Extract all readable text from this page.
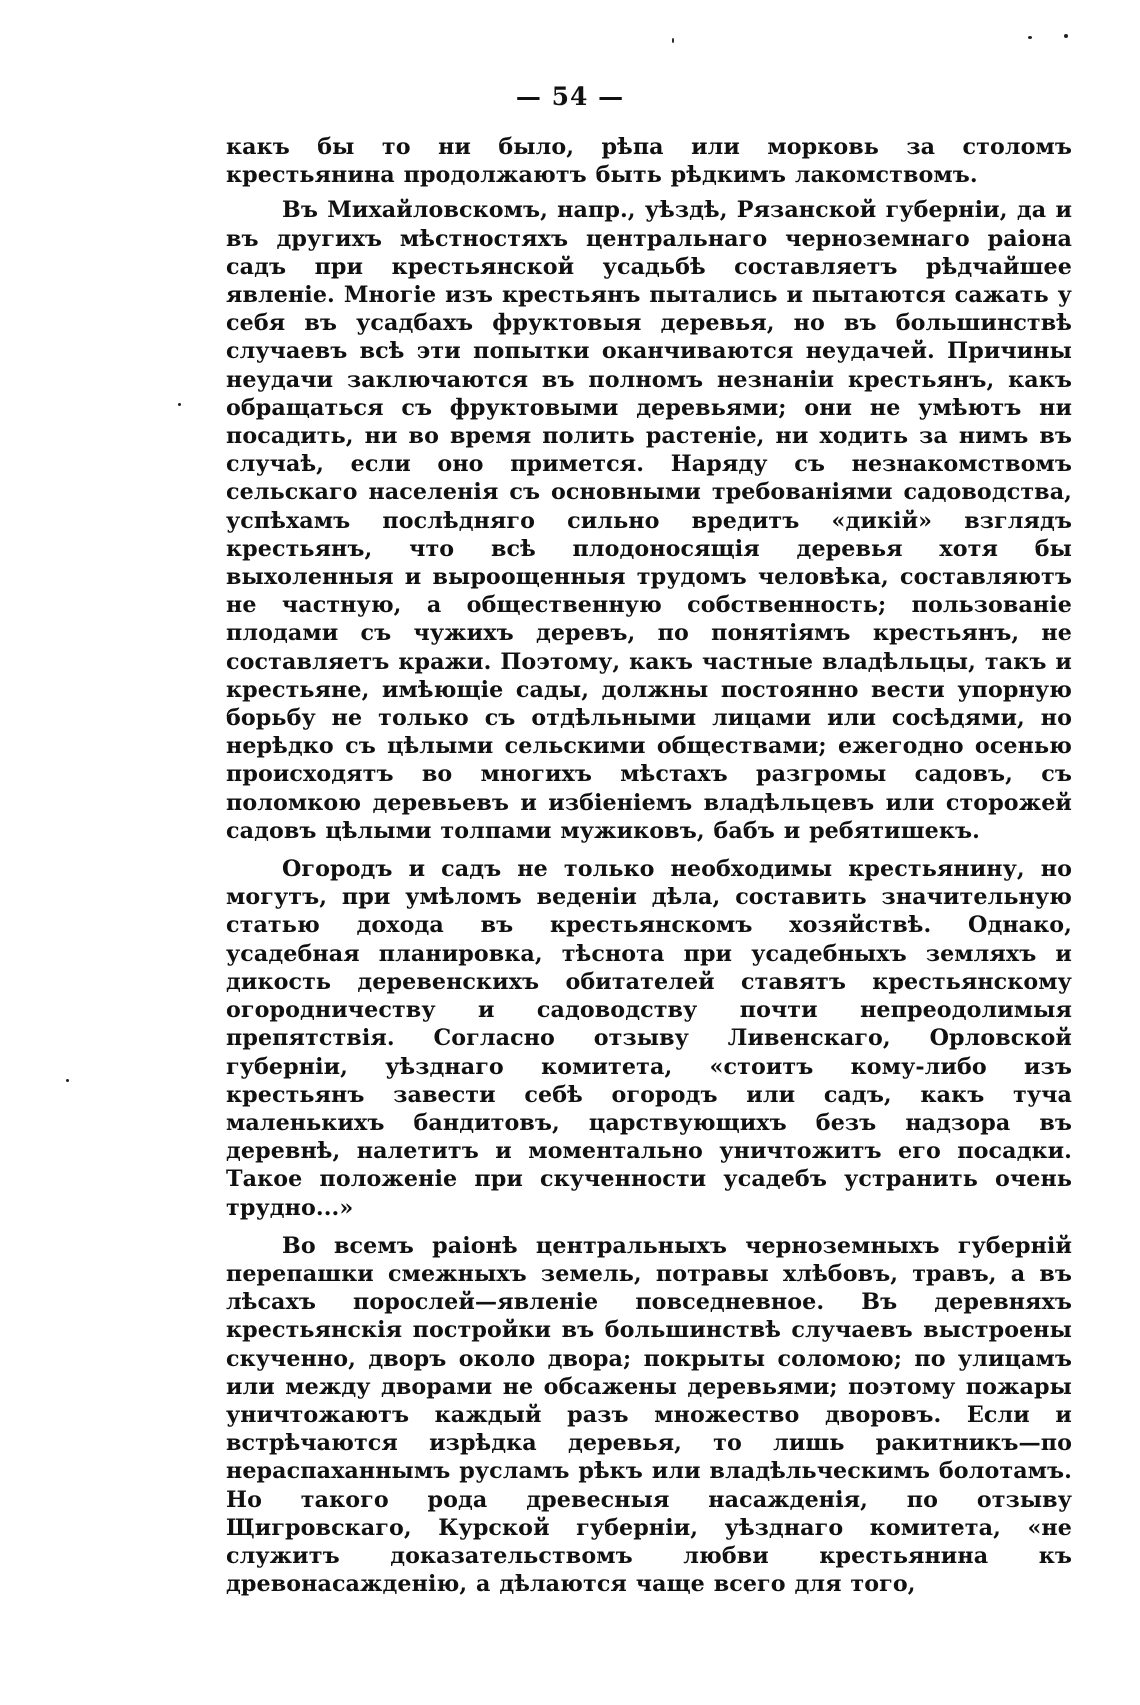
— 54 —

какъ бы то ни было, рѣпа или морковь за столомъ крестьянина продолжаютъ быть рѣдкимъ лакомствомъ.

Въ Михайловскомъ, напр., уѣздѣ, Рязанской губерніи, да и въ другихъ мѣстностяхъ центральнаго черноземнаго раіона садъ при крестьянской усадьбѣ составляетъ рѣдчайшее явленіе. Многіе изъ крестьянъ пытались и пытаются сажать у себя въ усадбахъ фруктовыя деревья, но въ большинствѣ случаевъ всѣ эти попытки оканчиваются неудачей. Причины неудачи заключаются въ полномъ незнаніи крестьянъ, какъ обращаться съ фруктовыми деревьями; они не умѣютъ ни посадить, ни во время полить растеніе, ни ходить за нимъ въ случаѣ, если оно примется. Наряду съ незнакомствомъ сельскаго населенія съ основными требованіями садоводства, успѣхамъ послѣдняго сильно вредитъ «дикій» взглядъ крестьянъ, что всѣ плодоносящія деревья хотя бы выхоленныя и выроощенныя трудомъ человѣка, составляютъ не частную, а общественную собственность; пользованіе плодами съ чужихъ деревъ, по понятіямъ крестьянъ, не составляетъ кражи. Поэтому, какъ частные владѣльцы, такъ и крестьяне, имѣющіе сады, должны постоянно вести упорную борьбу не только съ отдѣльными лицами или сосѣдями, но нерѣдко съ цѣлыми сельскими обществами; ежегодно осенью происходятъ во многихъ мѣстахъ разгромы садовъ, съ поломкою деревьевъ и избіеніемъ владѣльцевъ или сторожей садовъ цѣлыми толпами мужиковъ, бабъ и ребятишекъ.

Огородъ и садъ не только необходимы крестьянину, но могутъ, при умѣломъ веденіи дѣла, составить значительную статью дохода въ крестьянскомъ хозяйствѣ. Однако, усадебная планировка, тѣснота при усадебныхъ земляхъ и дикость деревенскихъ обитателей ставятъ крестьянскому огородничеству и садоводству почти непреодолимыя препятствія. Согласно отзыву Ливенскаго, Орловской губерніи, уѣзднаго комитета, «стоитъ кому-либо изъ крестьянъ завести себѣ огородъ или садъ, какъ туча маленькихъ бандитовъ, царствующихъ безъ надзора въ деревнѣ, налетитъ и моментально уничтожитъ его посадки. Такое положеніе при скученности усадебъ устранить очень трудно...»

Во всемъ раіонѣ центральныхъ черноземныхъ губерній перепашки смежныхъ земель, потравы хлѣбовъ, травъ, а въ лѣсахъ порослей—явленіе повседневное. Въ деревняхъ крестьянскія постройки въ большинствѣ случаевъ выстроены скученно, дворъ около двора; покрыты соломою; по улицамъ или между дворами не обсажены деревьями; поэтому пожары уничтожаютъ каждый разъ множество дворовъ. Если и встрѣчаются изрѣдка деревья, то лишь ракитникъ—по нераспаханнымъ русламъ рѣкъ или владѣльческимъ болотамъ. Но такого рода древесныя насажденія, по отзыву Щигровскаго, Курской губерніи, уѣзднаго комитета, «не служитъ доказательствомъ любви крестьянина къ древонасажденію, а дѣлаются чаще всего для того,
